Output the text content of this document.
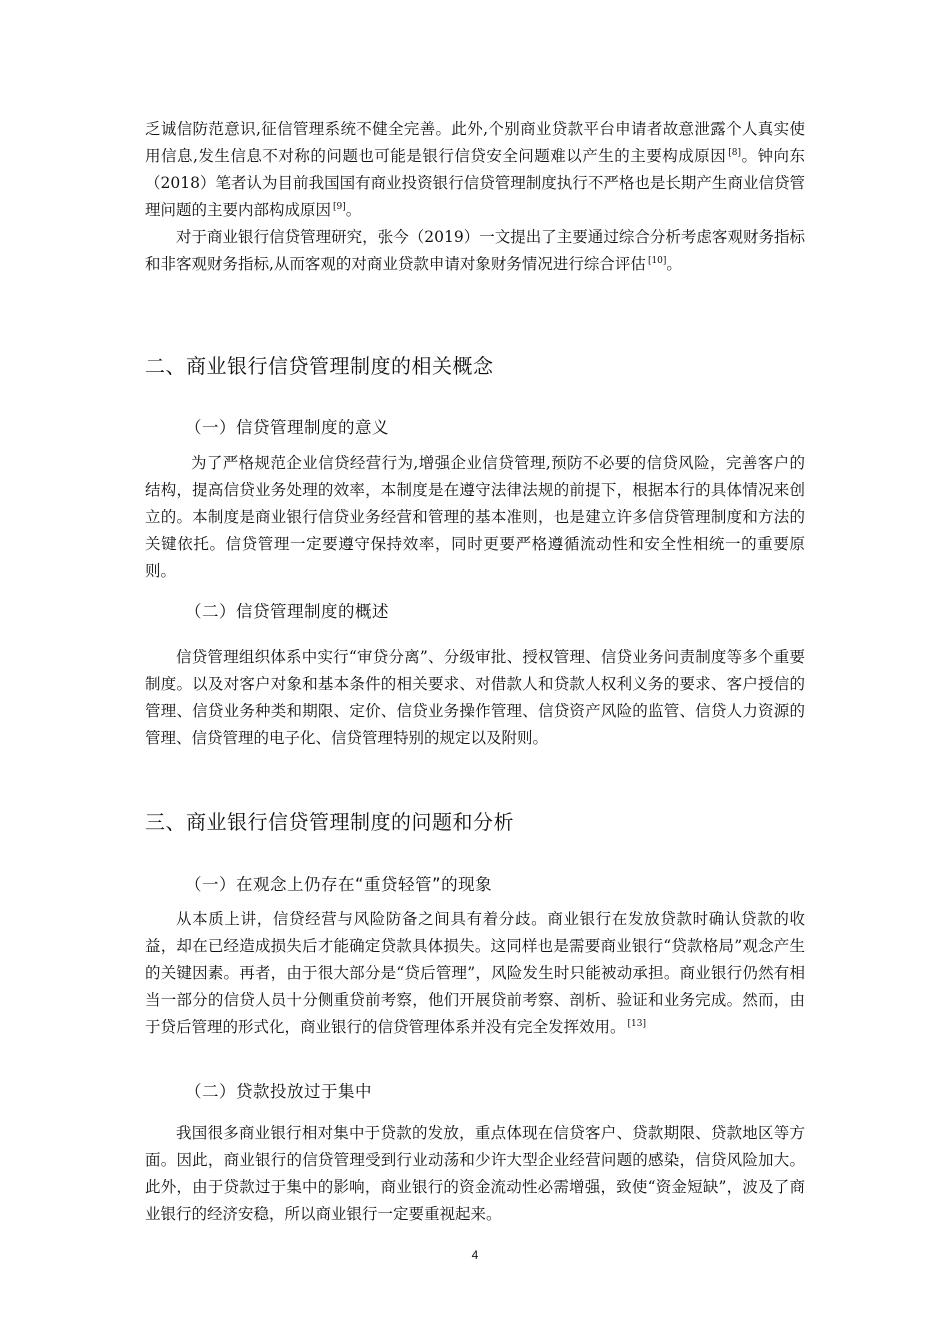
乏诚信防范意识,征信管理系统不健全完善。此外,个别商业贷款平台申请者故意泄露个人真实使用信息,发生信息不对称的问题也可能是银行信贷安全问题难以产生的主要构成原因 [8]。钟向东（2018）笔者认为目前我国国有商业投资银行信贷管理制度执行不严格也是长期产生商业信贷管理问题的主要内部构成原因 [9]。

对于商业银行信贷管理研究，张今（2019）一文提出了主要通过综合分析考虑客观财务指标和非客观财务指标,从而客观的对商业贷款申请对象财务情况进行综合评估 [10]。

二、商业银行信贷管理制度的相关概念
（一）信贷管理制度的意义

为了严格规范企业信贷经营行为,增强企业信贷管理,预防不必要的信贷风险，完善客户的结构，提高信贷业务处理的效率，本制度是在遵守法律法规的前提下，根据本行的具体情况来创立的。本制度是商业银行信贷业务经营和管理的基本准则，也是建立许多信贷管理制度和方法的关键依托。信贷管理一定要遵守保持效率，同时更要严格遵循流动性和安全性相统一的重要原则。

（二）信贷管理制度的概述

信贷管理组织体系中实行“审贷分离”、分级审批、授权管理、信贷业务问责制度等多个重要制度。以及对客户对象和基本条件的相关要求、对借款人和贷款人权利义务的要求、客户授信的管理、信贷业务种类和期限、定价、信贷业务操作管理、信贷资产风险的监管、信贷人力资源的管理、信贷管理的电子化、信贷管理特别的规定以及附则。

三、商业银行信贷管理制度的问题和分析
（一）在观念上仍存在“重贷轻管”的现象

从本质上讲，信贷经营与风险防备之间具有着分歧。商业银行在发放贷款时确认贷款的收益，却在已经造成损失后才能确定贷款具体损失。这同样也是需要商业银行“贷款格局”观念产生的关键因素。再者，由于很大部分是“贷后管理”，风险发生时只能被动承担。商业银行仍然有相当一部分的信贷人员十分侧重贷前考察，他们开展贷前考察、剖析、验证和业务完成。然而，由于贷后管理的形式化，商业银行的信贷管理体系并没有完全发挥效用。 [13]

（二）贷款投放过于集中

我国很多商业银行相对集中于贷款的发放，重点体现在信贷客户、贷款期限、贷款地区等方面。因此，商业银行的信贷管理受到行业动荡和少许大型企业经营问题的感染，信贷风险加大。此外，由于贷款过于集中的影响，商业银行的资金流动性必需增强，致使“资金短缺”，波及了商业银行的经济安稳，所以商业银行一定要重视起来。

4
